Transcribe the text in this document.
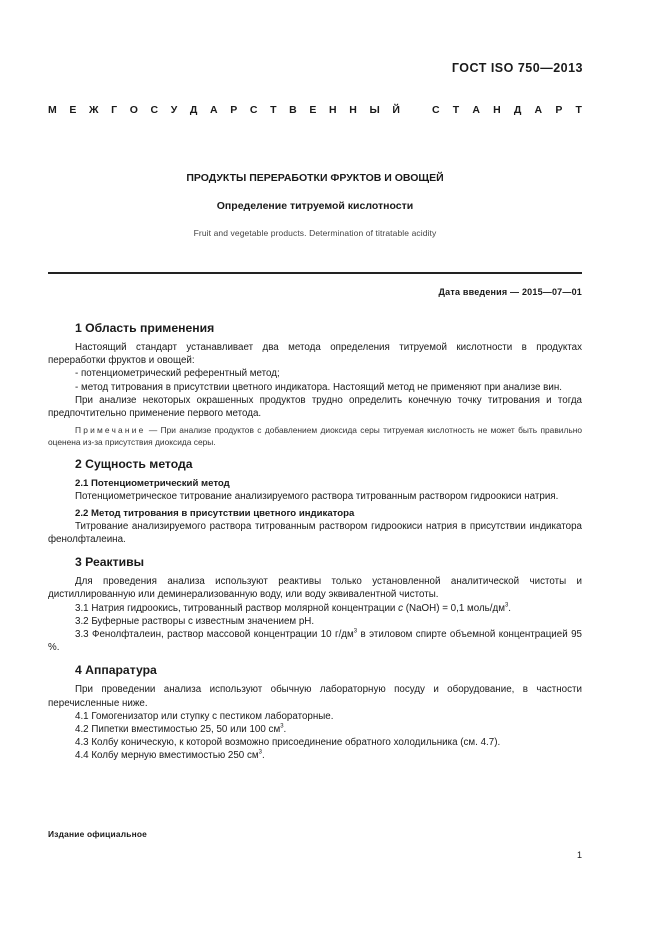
ГОСТ ISO 750—2013
М Е Ж Г О С У Д А Р С Т В Е Н Н Ы Й	С Т А Н Д А Р Т
ПРОДУКТЫ ПЕРЕРАБОТКИ ФРУКТОВ И ОВОЩЕЙ
Определение титруемой кислотности
Fruit and vegetable products. Determination of titratable acidity
Дата введения — 2015—07—01
1 Область применения

Настоящий стандарт устанавливает два метода определения титруемой кислотности в продуктах переработки фруктов и овощей:

- потенциометрический референтный метод;

- метод титрования в присутствии цветного индикатора. Настоящий метод не применяют при анализе вин.

При анализе некоторых окрашенных продуктов трудно определить конечную точку титрования и тогда предпочтительно применение первого метода.

Примечание — При анализе продуктов с добавлением диоксида серы титруемая кислотность не может быть правильно оценена из-за присутствия диоксида серы.

2 Сущность метода
2.1 Потенциометрический метод

Потенциометрическое титрование анализируемого раствора титрованным раствором гидроокиси натрия.

2.2 Метод титрования в присутствии цветного индикатора

Титрование анализируемого раствора титрованным раствором гидроокиси натрия в присутствии индикатора фенолфталеина.

3 Реактивы

Для проведения анализа используют реактивы только установленной аналитической чистоты и дистиллированную или деминерализованную воду, или воду эквивалентной чистоты.

3.1 Натрия гидроокись, титрованный раствор молярной концентрации c (NaOH) = 0,1 моль/$дм^3$.

3.2 Буферные растворы с известным значением pH.

3.3 Фенолфталеин, раствор массовой концентрации 10 $г/дм^3$ в этиловом спирте объемной концентрацией 95 %.

4 Аппаратура

При проведении анализа используют обычную лабораторную посуду и оборудование, в частности перечисленные ниже.

4.1 Гомогенизатор или ступку с пестиком лабораторные.

4.2 Пипетки вместимостью 25, 50 или 100 $см^3$.

4.3 Колбу коническую, к которой возможно присоединение обратного холодильника (см. 4.7).

4.4 Колбу мерную вместимостью 250 $см^3$.

Издание официальное
1
